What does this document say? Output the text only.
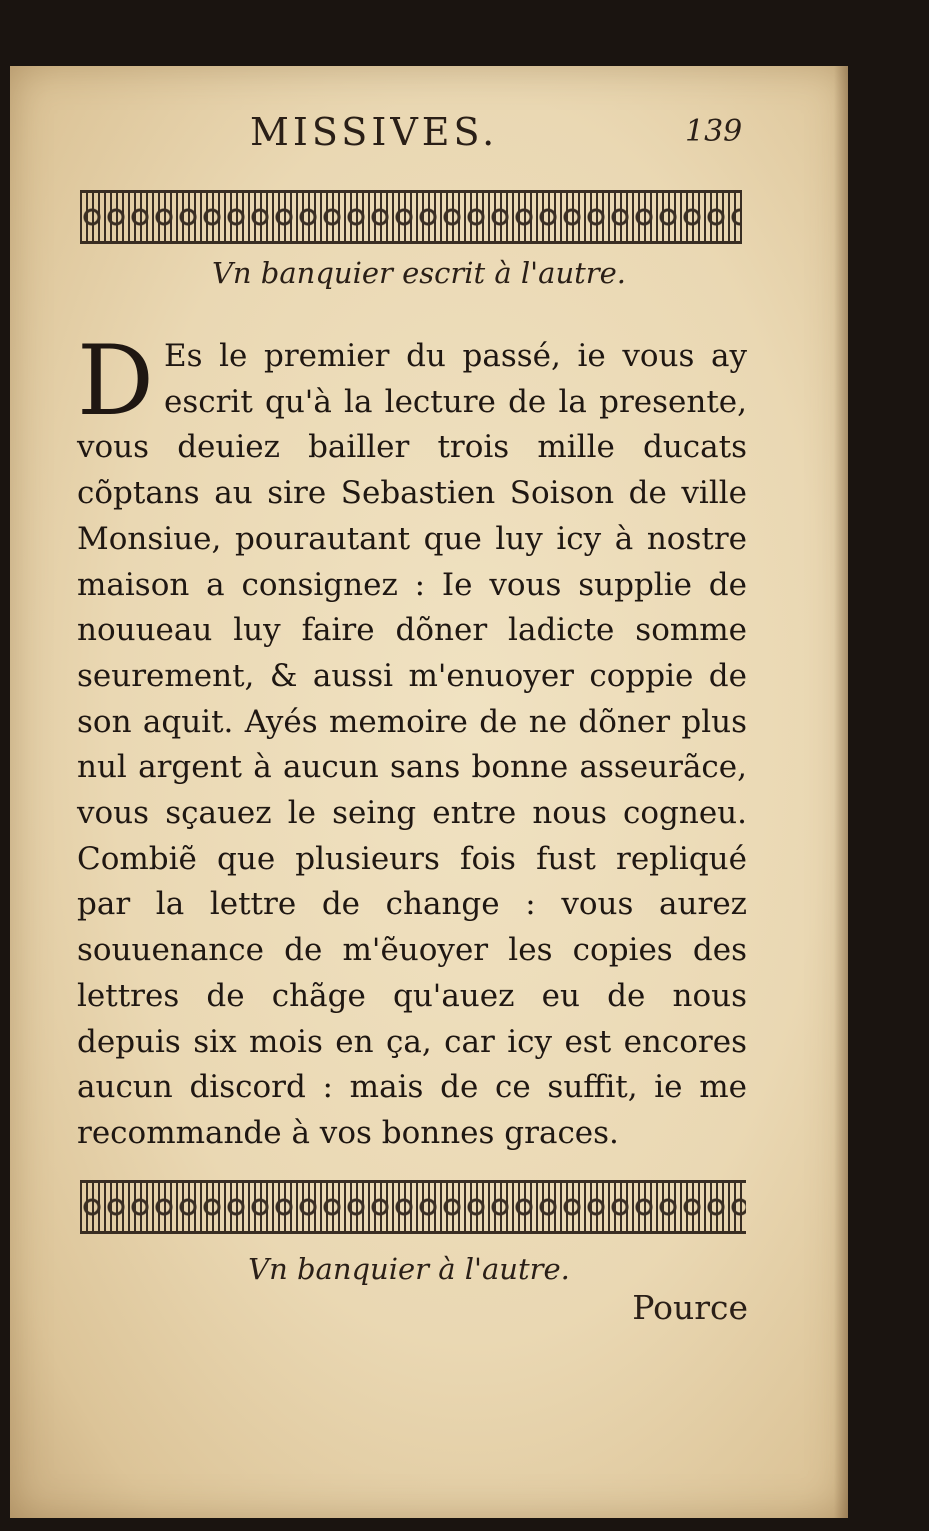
MISSIVES.	139
Vn banquier escrit à l'autre.
D Es le premier du passé, ie vous ay escrit qu'à la lecture de la presente, vous deuiez bailler trois mille ducats cõptans au sire Sebastien Soison de ville Monsiue, pourautant que luy icy à nostre maison a consignez : Ie vous supplie de nouueau luy faire dõner ladicte somme seurement, & aussi m'enuoyer coppie de son aquit. Ayés memoire de ne dõner plus nul argent à aucun sans bonne asseurãce, vous sçauez le seing entre nous cogneu. Combiẽ que plusieurs fois fust repliqué par la lettre de change : vous aurez souuenance de m'ẽuoyer les copies des lettres de chãge qu'auez eu de nous depuis six mois en ça, car icy est encores aucun discord : mais de ce suffit, ie me recommande à vos bonnes graces.
Vn banquier à l'autre.
Pource
